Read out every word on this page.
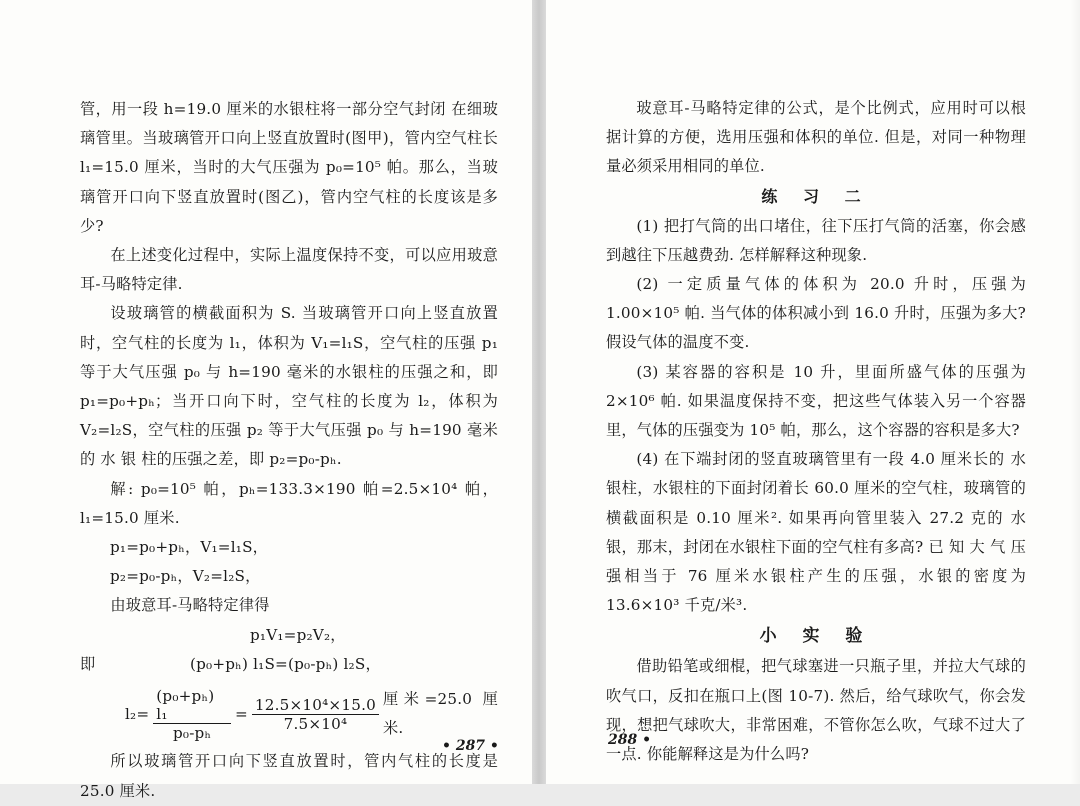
管，用一段 h=19.0 厘米的水银柱将一部分空气封闭 在细玻璃管里。当玻璃管开口向上竖直放置时(图甲)，管内空气柱长 l₁=15.0 厘米，当时的大气压强为 p₀=10⁵ 帕。那么，当玻璃管开口向下竖直放置时(图乙)，管内空气柱的长度该是多少?

在上述变化过程中，实际上温度保持不变，可以应用玻意耳-马略特定律.

设玻璃管的横截面积为 S. 当玻璃管开口向上竖直放置时，空气柱的长度为 l₁，体积为 V₁=l₁S，空气柱的压强 p₁等于大气压强 p₀ 与 h=190 毫米的水银柱的压强之和，即 p₁=p₀+pₕ；当开口向下时，空气柱的长度为 l₂，体积为 V₂=l₂S，空气柱的压强 p₂ 等于大气压强 p₀ 与 h=190 毫米的 水 银 柱的压强之差，即 p₂=p₀-pₕ.

解: p₀=10⁵ 帕，pₕ=133.3×190 帕=2.5×10⁴ 帕，l₁=15.0 厘米.

p₁=p₀+pₕ，V₁=l₁S，
p₂=p₀-pₕ，V₂=l₂S，

由玻意耳-马略特定律得

p₁V₁=p₂V₂，
即	(p₀+pₕ) l₁S=(p₀-pₕ) l₂S，
$l_2= \frac{\text{(p₀+pₕ) l₁}}{\text{p₀-pₕ}} = \frac{\text{12.5×10⁴×15.0}}{\text{7.5×10⁴}}$ 厘米=25.0 厘米.

所以玻璃管开口向下竖直放置时，管内气柱的长度是 25.0 厘米.

• 287 •

玻意耳-马略特定律的公式，是个比例式，应用时可以根据计算的方便，选用压强和体积的单位. 但是，对同一种物理量必须采用相同的单位.

练 习 二

(1) 把打气筒的出口堵住，往下压打气筒的活塞，你会感到越往下压越费劲. 怎样解释这种现象.

(2) 一定质量气体的体积为 20.0 升时，压强为 1.00×10⁵ 帕. 当气体的体积减小到 16.0 升时，压强为多大? 假设气体的温度不变.

(3) 某容器的容积是 10 升，里面所盛气体的压强为 2×10⁶ 帕. 如果温度保持不变，把这些气体装入另一个容器里，气体的压强变为 10⁵ 帕，那么，这个容器的容积是多大?

(4) 在下端封闭的竖直玻璃管里有一段 4.0 厘米长的 水银柱，水银柱的下面封闭着长 60.0 厘米的空气柱，玻璃管的横截面积是 0.10 厘米². 如果再向管里装入 27.2 克的 水 银，那末，封闭在水银柱下面的空气柱有多高? 已 知 大 气 压 强相当于 76 厘米水银柱产生的压强，水银的密度为 13.6×10³ 千克/米³.

小 实 验

借助铅笔或细棍，把气球塞进一只瓶子里，并拉大气球的吹气口，反扣在瓶口上(图 10-7). 然后，给气球吹气，你会发现，想把气球吹大，非常困难，不管你怎么吹，气球不过大了一点. 你能解释这是为什么吗?

288 •
